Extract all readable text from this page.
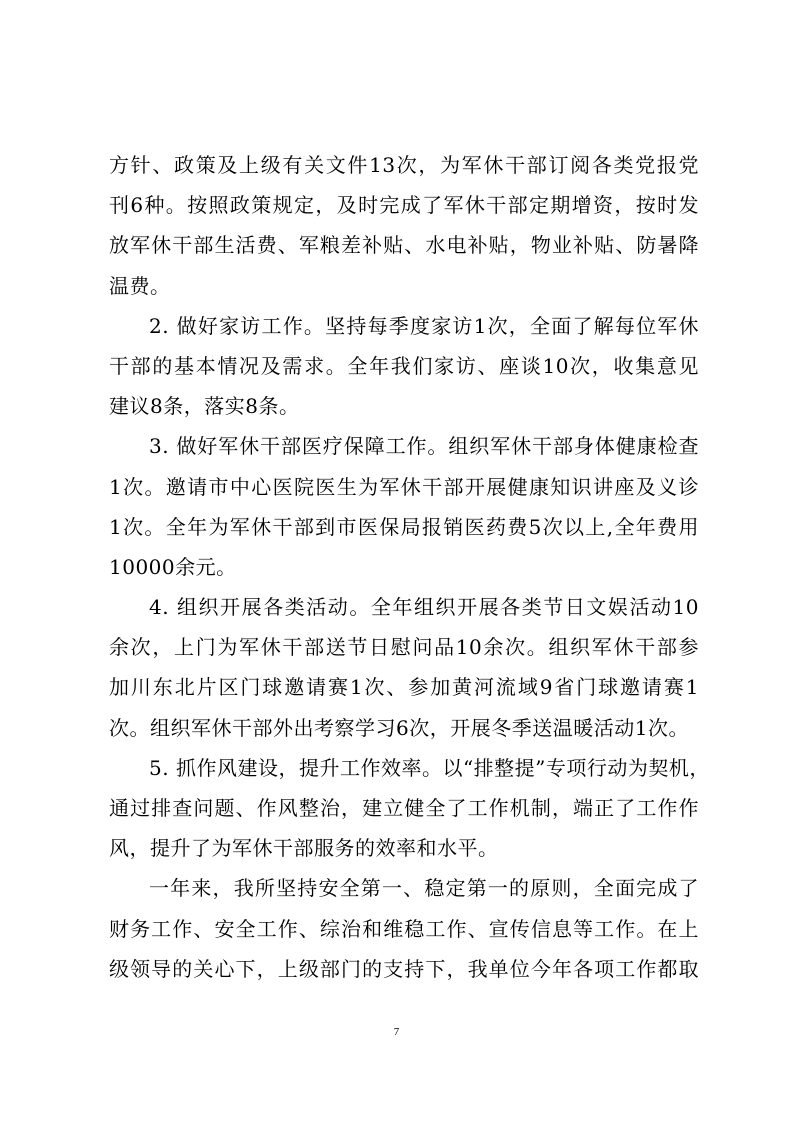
方针、政策及上级有关文件13次，为军休干部订阅各类党报党
刊6种。按照政策规定，及时完成了军休干部定期增资，按时发
放军休干部生活费、军粮差补贴、水电补贴，物业补贴、防暑降
温费。
2. 做好家访工作。坚持每季度家访1次，全面了解每位军休
干部的基本情况及需求。全年我们家访、座谈10次，收集意见
建议8条，落实8条。
3. 做好军休干部医疗保障工作。组织军休干部身体健康检查
1次。邀请市中心医院医生为军休干部开展健康知识讲座及义诊
1次。全年为军休干部到市医保局报销医药费5次以上,全年费用
10000余元。
4. 组织开展各类活动。全年组织开展各类节日文娱活动10
余次，上门为军休干部送节日慰问品10余次。组织军休干部参
加川东北片区门球邀请赛1次、参加黄河流域9省门球邀请赛1
次。组织军休干部外出考察学习6次，开展冬季送温暖活动1次。
5. 抓作风建设，提升工作效率。以“排整提”专项行动为契机，
通过排查问题、作风整治，建立健全了工作机制，端正了工作作
风，提升了为军休干部服务的效率和水平。
一年来，我所坚持安全第一、稳定第一的原则，全面完成了
财务工作、安全工作、综治和维稳工作、宣传信息等工作。在上
级领导的关心下，上级部门的支持下，我单位今年各项工作都取
7
